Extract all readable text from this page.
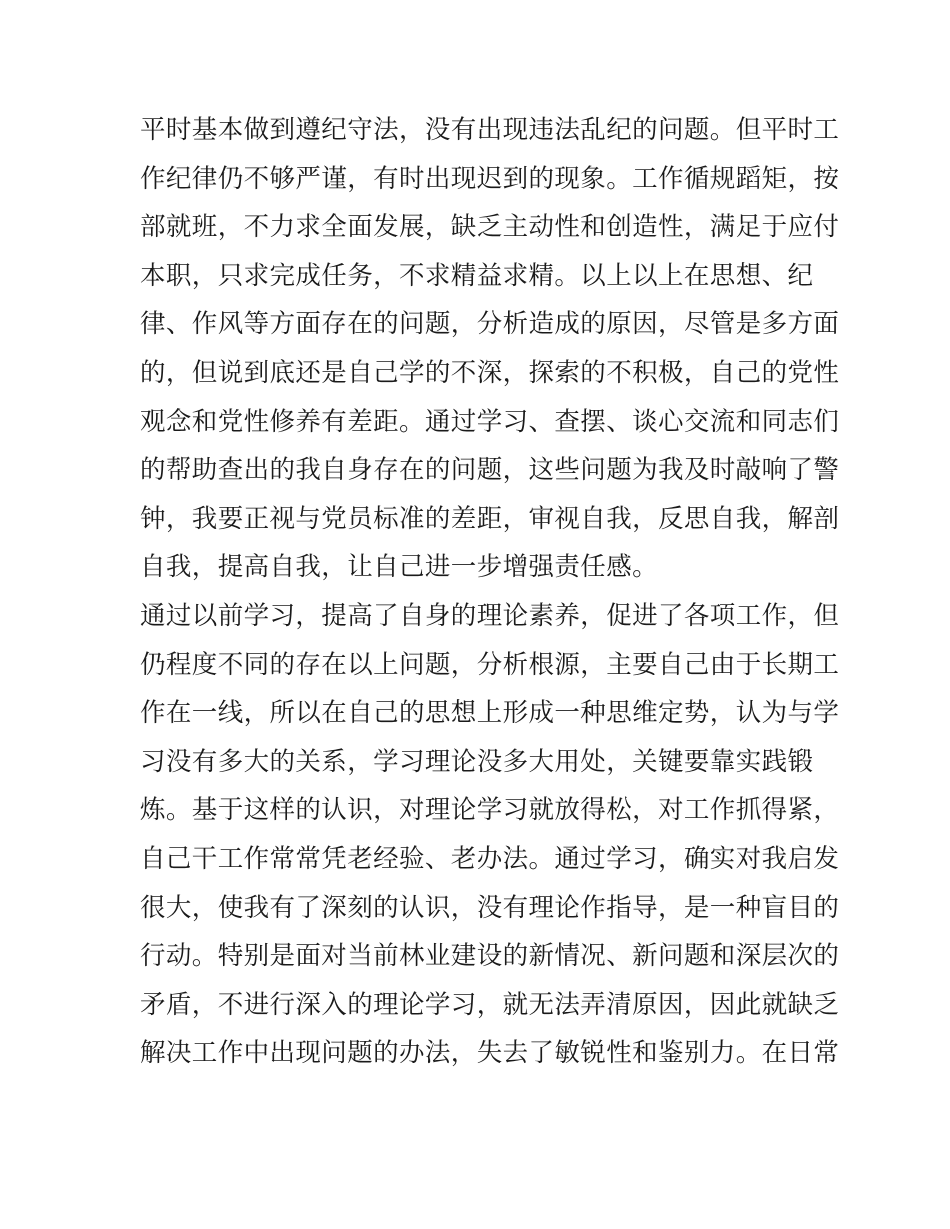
平时基本做到遵纪守法，没有出现违法乱纪的问题。但平时工
作纪律仍不够严谨，有时出现迟到的现象。工作循规蹈矩，按
部就班，不力求全面发展，缺乏主动性和创造性，满足于应付
本职，只求完成任务，不求精益求精。以上以上在思想、纪
律、作风等方面存在的问题，分析造成的原因，尽管是多方面
的，但说到底还是自己学的不深，探索的不积极，自己的党性
观念和党性修养有差距。通过学习、查摆、谈心交流和同志们
的帮助查出的我自身存在的问题，这些问题为我及时敲响了警
钟，我要正视与党员标准的差距，审视自我，反思自我，解剖
自我，提高自我，让自己进一步增强责任感。
通过以前学习，提高了自身的理论素养，促进了各项工作，但
仍程度不同的存在以上问题，分析根源，主要自己由于长期工
作在一线，所以在自己的思想上形成一种思维定势，认为与学
习没有多大的关系，学习理论没多大用处，关键要靠实践锻
炼。基于这样的认识，对理论学习就放得松，对工作抓得紧，
自己干工作常常凭老经验、老办法。通过学习，确实对我启发
很大，使我有了深刻的认识，没有理论作指导，是一种盲目的
行动。特别是面对当前林业建设的新情况、新问题和深层次的
矛盾，不进行深入的理论学习，就无法弄清原因，因此就缺乏
解决工作中出现问题的办法，失去了敏锐性和鉴别力。在日常
